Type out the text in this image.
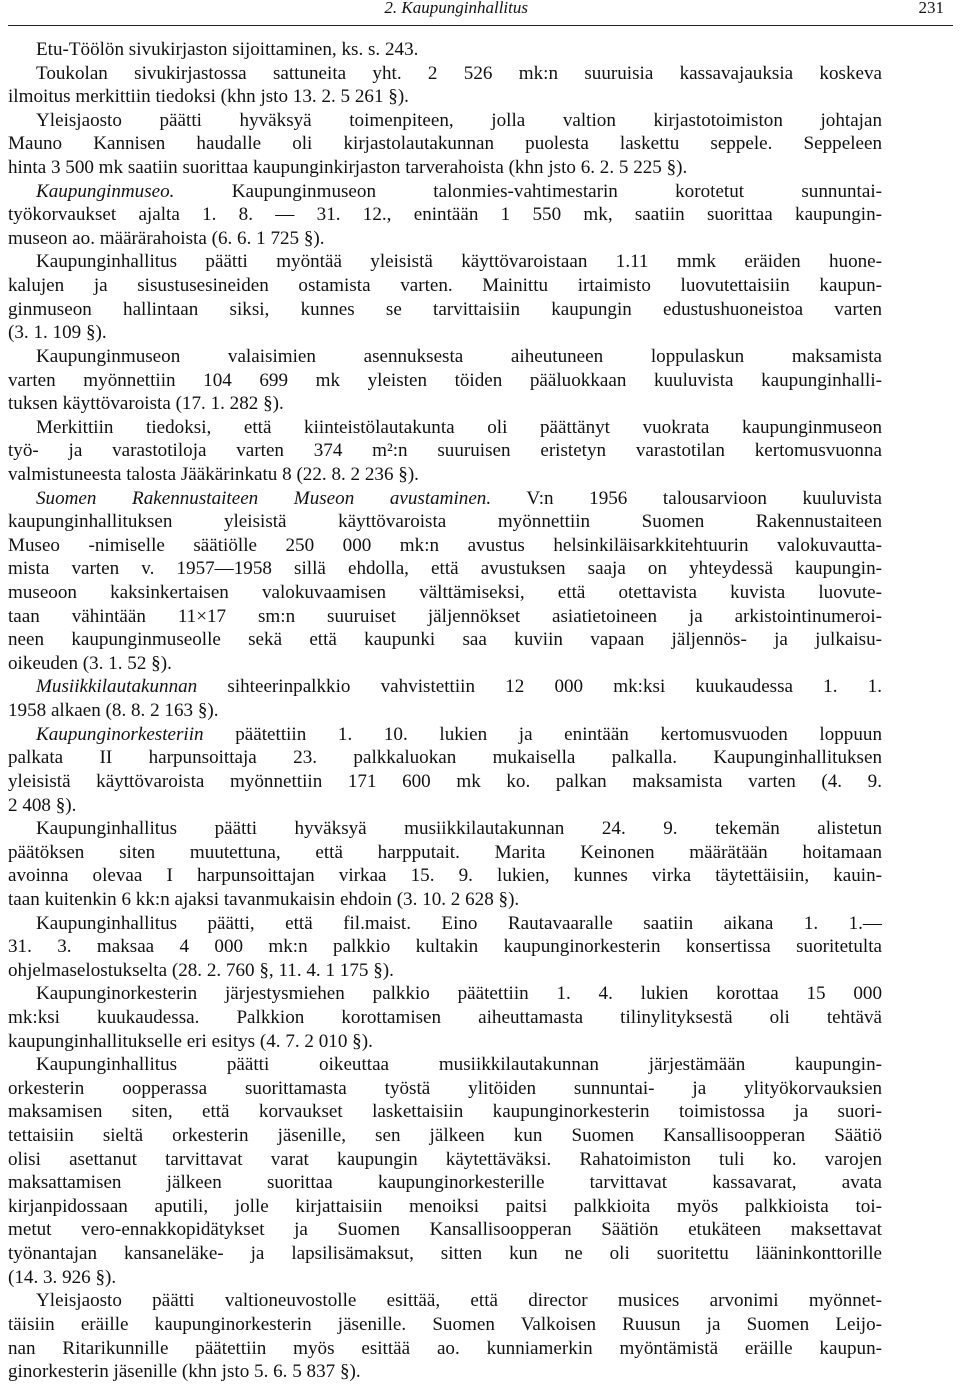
2. Kaupunginhallitus	231
Etu-Töölön sivukirjaston sijoittaminen, ks. s. 243.
Toukolan sivukirjastossa sattuneita yht. 2 526 mk:n suuruisia kassavajauksia koskeva
ilmoitus merkittiin tiedoksi (khn jsto 13. 2. 5 261 §).
Yleisjaosto päätti hyväksyä toimenpiteen, jolla valtion kirjastotoimiston johtajan
Mauno Kannisen haudalle oli kirjastolautakunnan puolesta laskettu seppele. Seppeleen
hinta 3 500 mk saatiin suorittaa kaupunginkirjaston tarverahoista (khn jsto 6. 2. 5 225 §).
Kaupunginmuseo. Kaupunginmuseon talonmies-vahtimestarin korotetut sunnuntai-
työkorvaukset ajalta 1. 8. — 31. 12., enintään 1 550 mk, saatiin suorittaa kaupungin-
museon ao. määrärahoista (6. 6. 1 725 §).
Kaupunginhallitus päätti myöntää yleisistä käyttövaroistaan 1.11 mmk eräiden huone-
kalujen ja sisustusesineiden ostamista varten. Mainittu irtaimisto luovutettaisiin kaupun-
ginmuseon hallintaan siksi, kunnes se tarvittaisiin kaupungin edustushuoneistoa varten
(3. 1. 109 §).
Kaupunginmuseon valaisimien asennuksesta aiheutuneen loppulaskun maksamista
varten myönnettiin 104 699 mk yleisten töiden pääluokkaan kuuluvista kaupunginhalli-
tuksen käyttövaroista (17. 1. 282 §).
Merkittiin tiedoksi, että kiinteistölautakunta oli päättänyt vuokrata kaupunginmuseon
työ- ja varastotiloja varten 374 m²:n suuruisen eristetyn varastotilan kertomusvuonna
valmistuneesta talosta Jääkärinkatu 8 (22. 8. 2 236 §).
Suomen Rakennustaiteen Museon avustaminen. V:n 1956 talousarvioon kuuluvista
kaupunginhallituksen yleisistä käyttövaroista myönnettiin Suomen Rakennustaiteen
Museo -nimiselle säätiölle 250 000 mk:n avustus helsinkiläisarkkitehtuurin valokuvautta-
mista varten v. 1957—1958 sillä ehdolla, että avustuksen saaja on yhteydessä kaupungin-
museoon kaksinkertaisen valokuvaamisen välttämiseksi, että otettavista kuvista luovute-
taan vähintään 11×17 sm:n suuruiset jäljennökset asiatietoineen ja arkistointinumeroi-
neen kaupunginmuseolle sekä että kaupunki saa kuviin vapaan jäljennös- ja julkaisu-
oikeuden (3. 1. 52 §).
Musiikkilautakunnan sihteerinpalkkio vahvistettiin 12 000 mk:ksi kuukaudessa 1. 1.
1958 alkaen (8. 8. 2 163 §).
Kaupunginorkesteriin päätettiin 1. 10. lukien ja enintään kertomusvuoden loppuun
palkata II harpunsoittaja 23. palkkaluokan mukaisella palkalla. Kaupunginhallituksen
yleisistä käyttövaroista myönnettiin 171 600 mk ko. palkan maksamista varten (4. 9.
2 408 §).
Kaupunginhallitus päätti hyväksyä musiikkilautakunnan 24. 9. tekemän alistetun
päätöksen siten muutettuna, että harpputait. Marita Keinonen määrätään hoitamaan
avoinna olevaa I harpunsoittajan virkaa 15. 9. lukien, kunnes virka täytettäisiin, kauin-
taan kuitenkin 6 kk:n ajaksi tavanmukaisin ehdoin (3. 10. 2 628 §).
Kaupunginhallitus päätti, että fil.maist. Eino Rautavaaralle saatiin aikana 1. 1.—
31. 3. maksaa 4 000 mk:n palkkio kultakin kaupunginorkesterin konsertissa suoritetulta
ohjelmaselostukselta (28. 2. 760 §, 11. 4. 1 175 §).
Kaupunginorkesterin järjestysmiehen palkkio päätettiin 1. 4. lukien korottaa 15 000
mk:ksi kuukaudessa. Palkkion korottamisen aiheuttamasta tilinylityksestä oli tehtävä
kaupunginhallitukselle eri esitys (4. 7. 2 010 §).
Kaupunginhallitus päätti oikeuttaa musiikkilautakunnan järjestämään kaupungin-
orkesterin oopperassa suorittamasta työstä ylitöiden sunnuntai- ja ylityökorvauksien
maksamisen siten, että korvaukset laskettaisiin kaupunginorkesterin toimistossa ja suori-
tettaisiin sieltä orkesterin jäsenille, sen jälkeen kun Suomen Kansallisoopperan Säätiö
olisi asettanut tarvittavat varat kaupungin käytettäväksi. Rahatoimiston tuli ko. varojen
maksattamisen jälkeen suorittaa kaupunginorkesterille tarvittavat kassavarat, avata
kirjanpidossaan aputili, jolle kirjattaisiin menoiksi paitsi palkkioita myös palkkioista toi-
metut vero-ennakkopidätykset ja Suomen Kansallisoopperan Säätiön etukäteen maksettavat
työnantajan kansaneläke- ja lapsilisämaksut, sitten kun ne oli suoritettu lääninkonttorille
(14. 3. 926 §).
Yleisjaosto päätti valtioneuvostolle esittää, että director musices arvonimi myönnet-
täisiin eräille kaupunginorkesterin jäsenille. Suomen Valkoisen Ruusun ja Suomen Leijo-
nan Ritarikunnille päätettiin myös esittää ao. kunniamerkin myöntämistä eräille kaupun-
ginorkesterin jäsenille (khn jsto 5. 6. 5 837 §).
